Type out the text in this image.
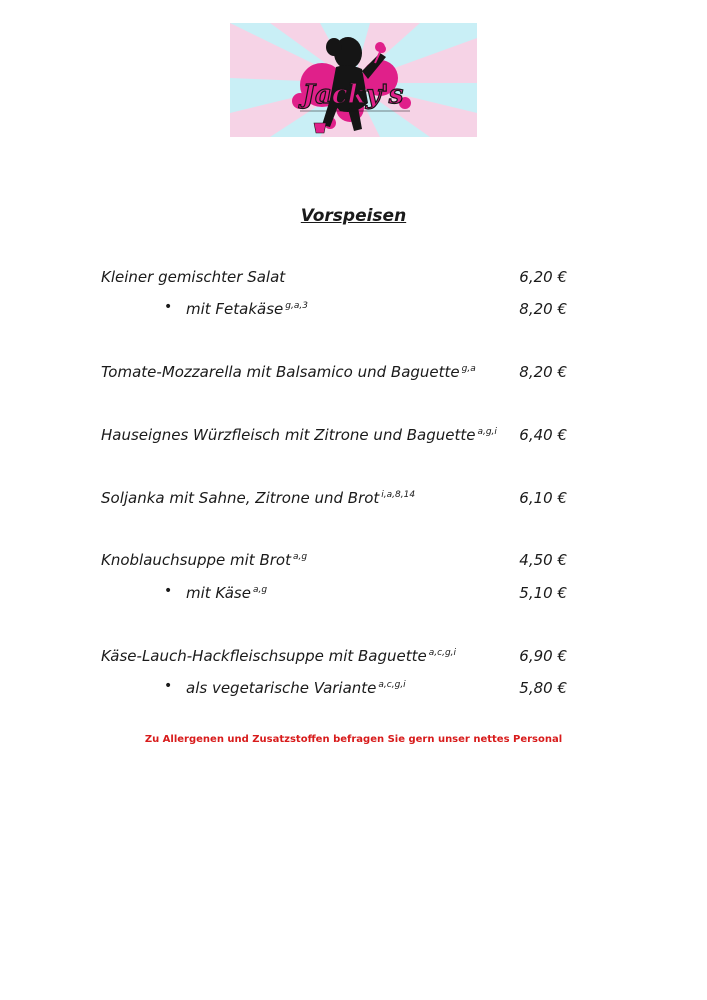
Jacky's
Vorspeisen
Kleiner gemischter Salat	6,20 €
• mit Fetakäse $^{g,a,3}$	8,20 €
Tomate-Mozzarella mit Balsamico und Baguette $^{g,a}$	8,20 €
Hauseignes Würzfleisch mit Zitrone und Baguette $^{a,g,i}$ 6,40 €
Soljanka mit Sahne, Zitrone und Brot $^{i,a,8,14}$	6,10 €
Knoblauchsuppe mit Brot $^{a,g}$	4,50 €
• mit Käse $^{a,g}$	5,10 €
Käse-Lauch-Hackfleischsuppe mit Baguette $^{a,c,g,i}$	6,90 €
• als vegetarische Variante $^{a,c,g,i}$	5,80 €
Zu Allergenen und Zusatzstoffen befragen Sie gern unser nettes Personal
